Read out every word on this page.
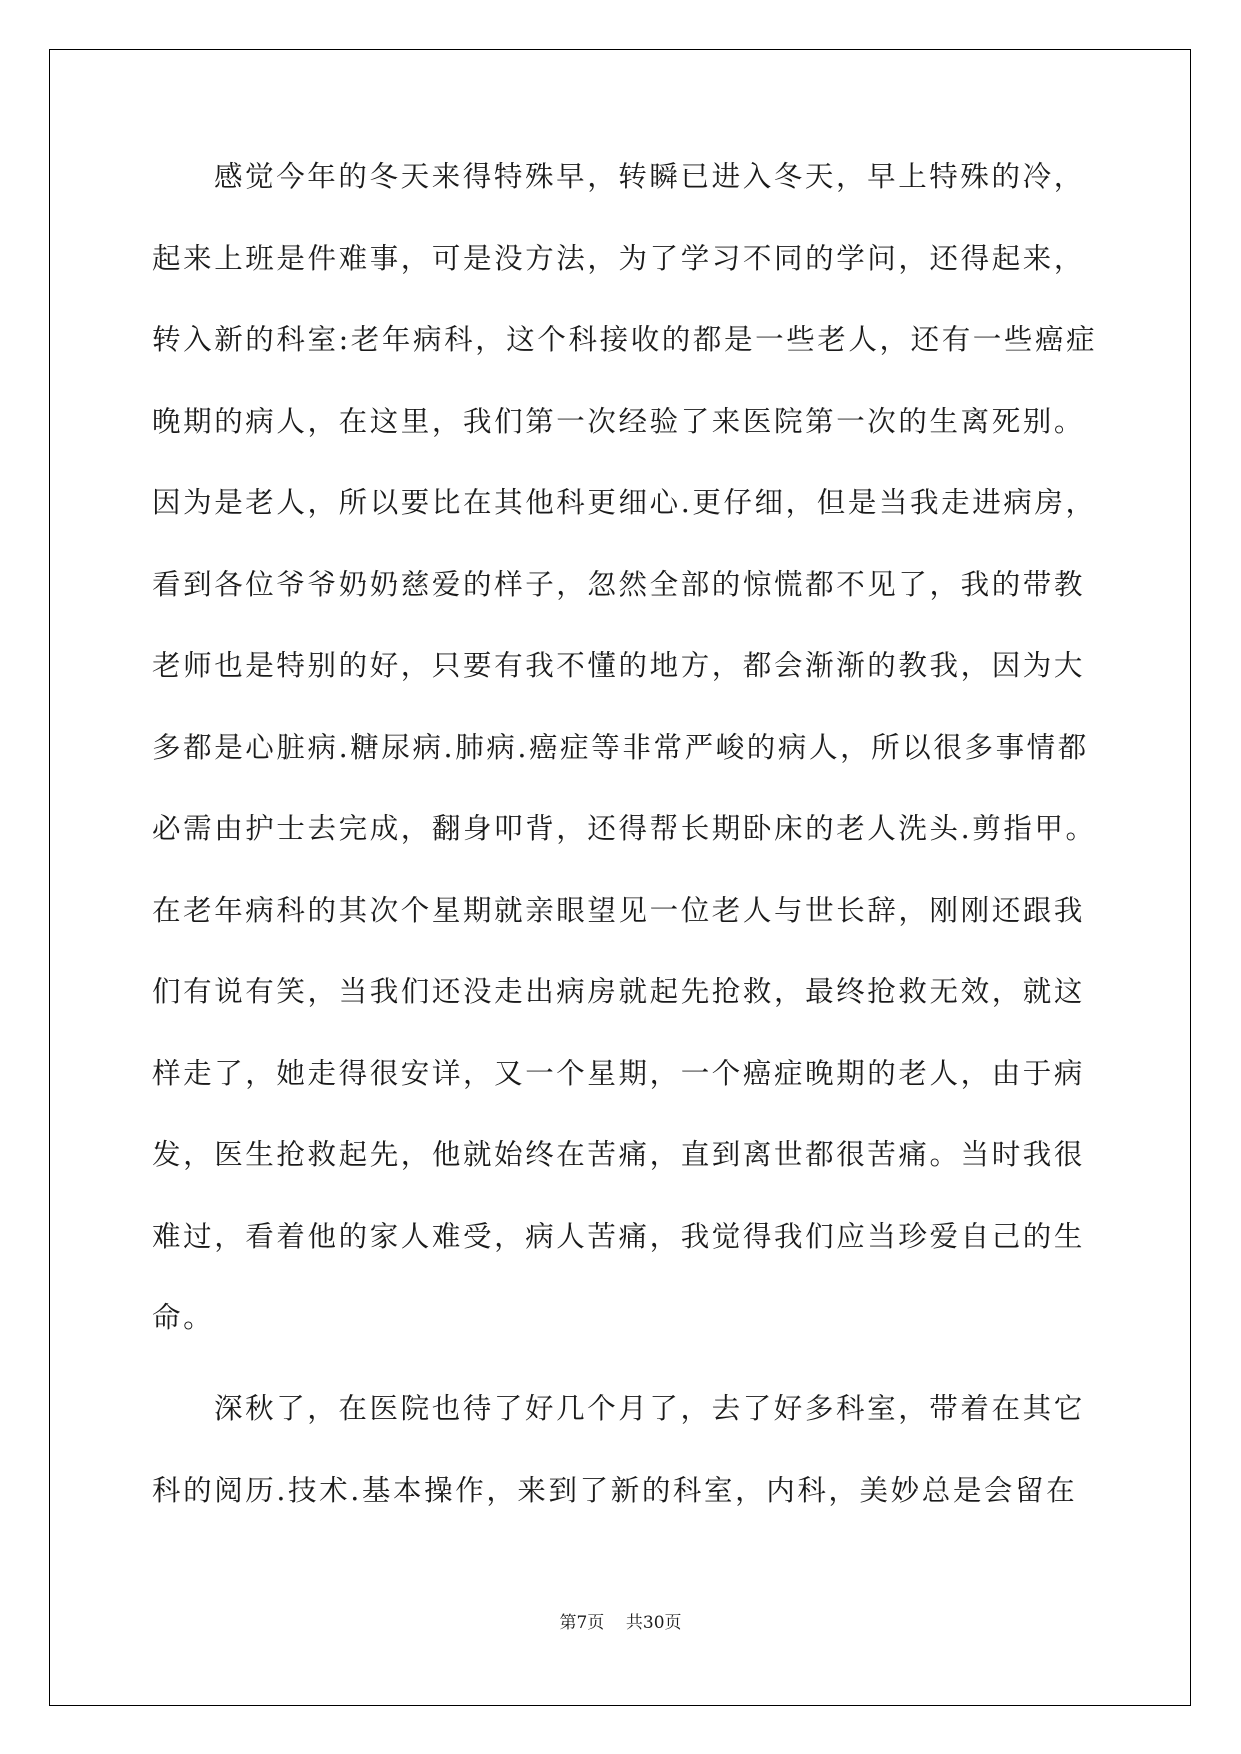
感觉今年的冬天来得特殊早，转瞬已进入冬天，早上特殊的冷，
起来上班是件难事，可是没方法，为了学习不同的学问，还得起来，
转入新的科室:老年病科，这个科接收的都是一些老人，还有一些癌症
晚期的病人，在这里，我们第一次经验了来医院第一次的生离死别。
因为是老人，所以要比在其他科更细心.更仔细，但是当我走进病房，
看到各位爷爷奶奶慈爱的样子，忽然全部的惊慌都不见了，我的带教
老师也是特别的好，只要有我不懂的地方，都会渐渐的教我，因为大
多都是心脏病.糖尿病.肺病.癌症等非常严峻的病人，所以很多事情都
必需由护士去完成，翻身叩背，还得帮长期卧床的老人洗头.剪指甲。
在老年病科的其次个星期就亲眼望见一位老人与世长辞，刚刚还跟我
们有说有笑，当我们还没走出病房就起先抢救，最终抢救无效，就这
样走了，她走得很安详，又一个星期，一个癌症晚期的老人，由于病
发，医生抢救起先，他就始终在苦痛，直到离世都很苦痛。当时我很
难过，看着他的家人难受，病人苦痛，我觉得我们应当珍爱自己的生
命。
深秋了，在医院也待了好几个月了，去了好多科室，带着在其它
科的阅历.技术.基本操作，来到了新的科室，内科，美妙总是会留在
第7页    共30页
